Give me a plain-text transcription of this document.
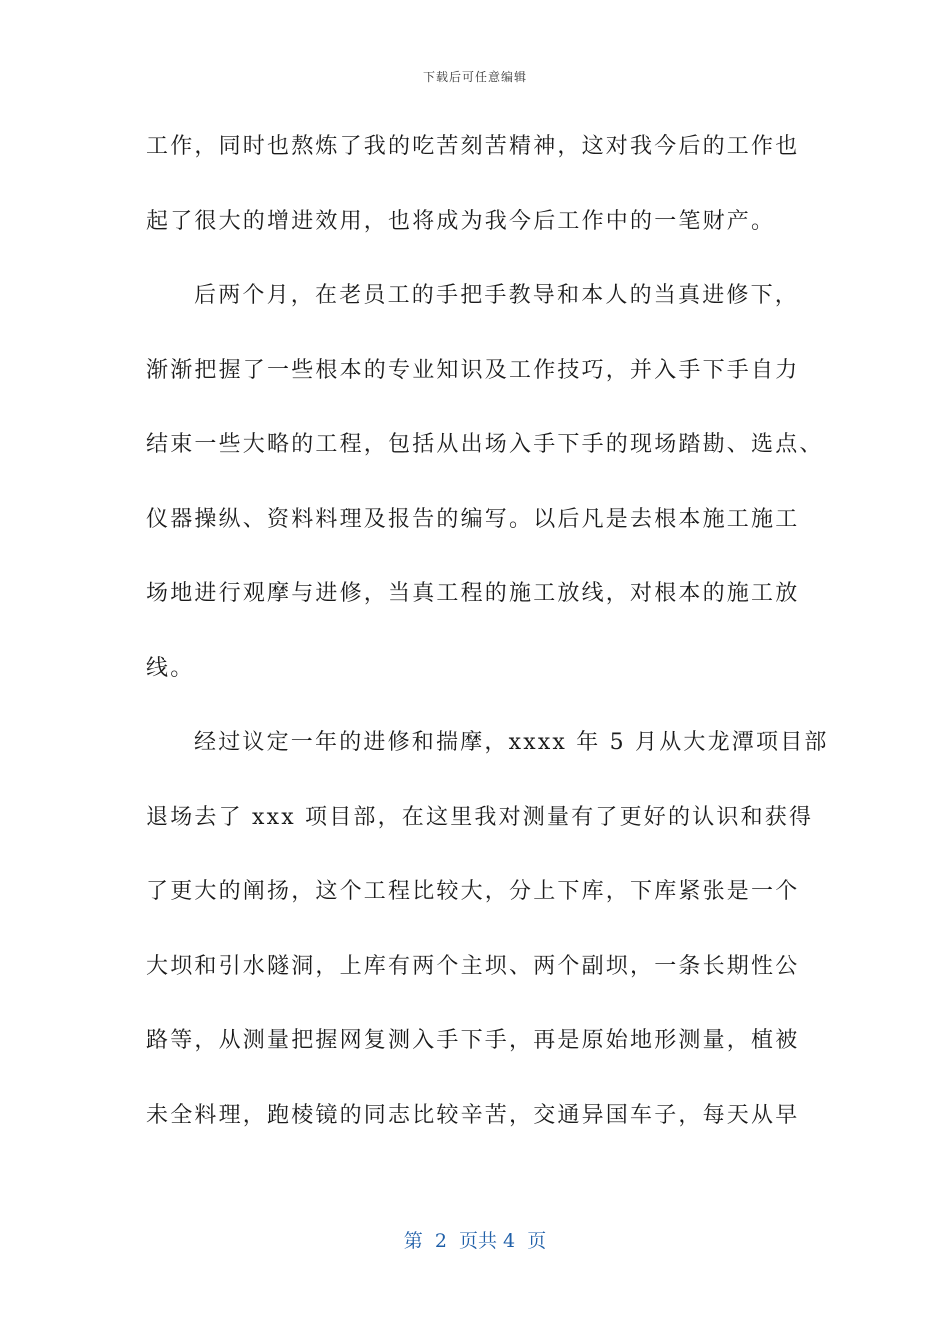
下载后可任意编辑
工作，同时也熬炼了我的吃苦刻苦精神，这对我今后的工作也
起了很大的增进效用，也将成为我今后工作中的一笔财产。
后两个月，在老员工的手把手教导和本人的当真进修下，
渐渐把握了一些根本的专业知识及工作技巧，并入手下手自力
结束一些大略的工程，包括从出场入手下手的现场踏勘、选点、
仪器操纵、资料料理及报告的编写。以后凡是去根本施工施工
场地进行观摩与进修，当真工程的施工放线，对根本的施工放
线。
经过议定一年的进修和揣摩，xxxx 年 5 月从大龙潭项目部
退场去了 xxx 项目部，在这里我对测量有了更好的认识和获得
了更大的阐扬，这个工程比较大，分上下库，下库紧张是一个
大坝和引水隧洞，上库有两个主坝、两个副坝，一条长期性公
路等，从测量把握网复测入手下手，再是原始地形测量，植被
未全料理，跑棱镜的同志比较辛苦，交通异国车子，每天从早
第  2  页共 4  页
